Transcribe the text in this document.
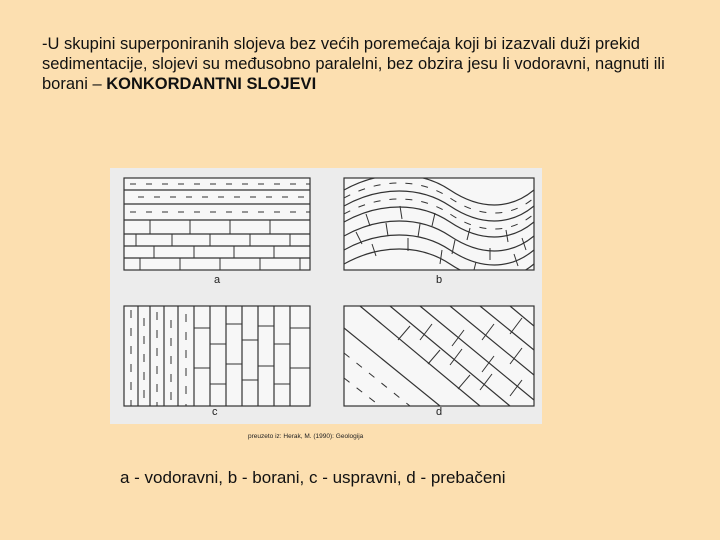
-U skupini superponiranih slojeva bez većih poremećaja koji bi izazvali duži prekid sedimentacije, slojevi su međusobno paralelni, bez obzira jesu li vodoravni, nagnuti ili borani – KONKORDANTNI SLOJEVI
a	b
c	d
preuzeto iz: Herak, M. (1990): Geologija
a - vodoravni, b - borani, c - uspravni, d - prebačeni
